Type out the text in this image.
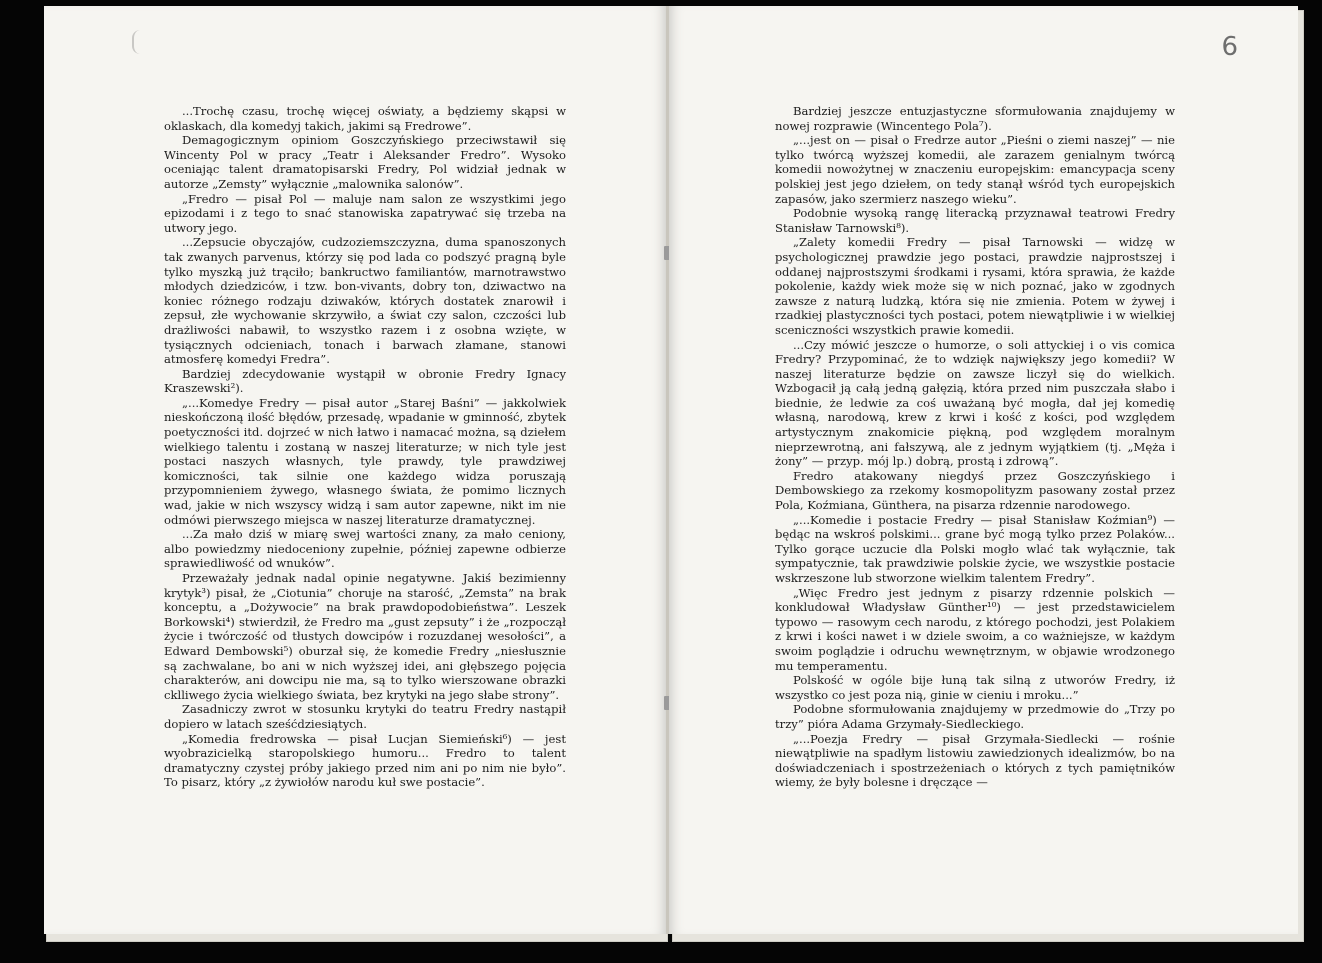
...Trochę czasu, trochę więcej oświaty, a będziemy skąpsi w oklaskach, dla komedyj takich, jakimi są Fredrowe”.

Demagogicznym opiniom Goszczyńskiego przeciwstawił się Wincenty Pol w pracy „Teatr i Aleksander Fredro”. Wysoko oceniając talent dramatopisarski Fredry, Pol widział jednak w autorze „Zemsty” wyłącznie „malownika salonów”.

„Fredro — pisał Pol — maluje nam salon ze wszystkimi jego epizodami i z tego to snać stanowiska zapatrywać się trzeba na utwory jego.

...Zepsucie obyczajów, cudzoziemszczyzna, duma spanoszonych tak zwanych parvenus, którzy się pod lada co podszyć pragną byle tylko myszką już trąciło; bankructwo familiantów, marnotrawstwo młodych dziedziców, i tzw. bon-vivants, dobry ton, dziwactwo na koniec różnego rodzaju dziwaków, których dostatek znarowił i zepsuł, złe wychowanie skrzywiło, a świat czy salon, czczości lub drażliwości nabawił, to wszystko razem i z osobna wzięte, w tysiącznych odcieniach, tonach i barwach złamane, stanowi atmosferę komedyi Fredra”.

Bardziej zdecydowanie wystąpił w obronie Fredry Ignacy Kraszewski²).

„...Komedye Fredry — pisał autor „Starej Baśni” — jakkolwiek nieskończoną ilość błędów, przesadę, wpadanie w gminność, zbytek poetyczności itd. dojrzeć w nich łatwo i namacać można, są dziełem wielkiego talentu i zostaną w naszej literaturze; w nich tyle jest postaci naszych własnych, tyle prawdy, tyle prawdziwej komiczności, tak silnie one każdego widza poruszają przypomnieniem żywego, własnego świata, że pomimo licznych wad, jakie w nich wszyscy widzą i sam autor zapewne, nikt im nie odmówi pierwszego miejsca w naszej literaturze dramatycznej.

...Za mało dziś w miarę swej wartości znany, za mało ceniony, albo powiedzmy niedoceniony zupełnie, później zapewne odbierze sprawiedliwość od wnuków”.

Przeważały jednak nadal opinie negatywne. Jakiś bezimienny krytyk³) pisał, że „Ciotunia” choruje na starość, „Zemsta” na brak konceptu, a „Dożywocie” na brak prawdopodobieństwa”. Leszek Borkowski⁴) stwierdził, że Fredro ma „gust zepsuty” i że „rozpoczął życie i twórczość od tłustych dowcipów i rozuzdanej wesołości”, a Edward Dembowski⁵) oburzał się, że komedie Fredry „niesłusznie są zachwalane, bo ani w nich wyższej idei, ani głębszego pojęcia charakterów, ani dowcipu nie ma, są to tylko wierszowane obrazki cklliwego życia wielkiego świata, bez krytyki na jego słabe strony”.

Zasadniczy zwrot w stosunku krytyki do teatru Fredry nastąpił dopiero w latach sześćdziesiątych.

„Komedia fredrowska — pisał Lucjan Siemieński⁶) — jest wyobrazicielką staropolskiego humoru... Fredro to talent dramatyczny czystej próby jakiego przed nim ani po nim nie było”. To pisarz, który „z żywiołów narodu kuł swe postacie”.

6

Bardziej jeszcze entuzjastyczne sformułowania znajdujemy w nowej rozprawie (Wincentego Pola⁷).

„...jest on — pisał o Fredrze autor „Pieśni o ziemi naszej” — nie tylko twórcą wyższej komedii, ale zarazem genialnym twórcą komedii nowożytnej w znaczeniu europejskim: emancypacja sceny polskiej jest jego dziełem, on tedy stanął wśród tych europejskich zapasów, jako szermierz naszego wieku”.

Podobnie wysoką rangę literacką przyznawał teatrowi Fredry Stanisław Tarnowski⁸).

„Zalety komedii Fredry — pisał Tarnowski — widzę w psychologicznej prawdzie jego postaci, prawdzie najprostszej i oddanej najprostszymi środkami i rysami, która sprawia, że każde pokolenie, każdy wiek może się w nich poznać, jako w zgodnych zawsze z naturą ludzką, która się nie zmienia. Potem w żywej i rzadkiej plastyczności tych postaci, potem niewątpliwie i w wielkiej sceniczności wszystkich prawie komedii.

...Czy mówić jeszcze o humorze, o soli attyckiej i o vis comica Fredry? Przypominać, że to wdzięk największy jego komedii? W naszej literaturze będzie on zawsze liczył się do wielkich. Wzbogacił ją całą jedną gałęzią, która przed nim puszczała słabo i biednie, że ledwie za coś uważaną być mogła, dał jej komedię własną, narodową, krew z krwi i kość z kości, pod względem artystycznym znakomicie piękną, pod względem moralnym nieprzewrotną, ani fałszywą, ale z jednym wyjątkiem (tj. „Męża i żony” — przyp. mój lp.) dobrą, prostą i zdrową”.

Fredro atakowany niegdyś przez Goszczyńskiego i Dembowskiego za rzekomy kosmopolityzm pasowany został przez Pola, Koźmiana, Günthera, na pisarza rdzennie narodowego.

„...Komedie i postacie Fredry — pisał Stanisław Koźmian⁹) — będąc na wskroś polskimi... grane być mogą tylko przez Polaków... Tylko gorące uczucie dla Polski mogło wlać tak wyłącznie, tak sympatycznie, tak prawdziwie polskie życie, we wszystkie postacie wskrzeszone lub stworzone wielkim talentem Fredry”.

„Więc Fredro jest jednym z pisarzy rdzennie polskich — konkludował Władysław Günther¹⁰) — jest przedstawicielem typowo — rasowym cech narodu, z którego pochodzi, jest Polakiem z krwi i kości nawet i w dziele swoim, a co ważniejsze, w każdym swoim poglądzie i odruchu wewnętrznym, w objawie wrodzonego mu temperamentu.

Polskość w ogóle bije łuną tak silną z utworów Fredry, iż wszystko co jest poza nią, ginie w cieniu i mroku...”

Podobne sformułowania znajdujemy w przedmowie do „Trzy po trzy” pióra Adama Grzymały-Siedleckiego.

„...Poezja Fredry — pisał Grzymała-Siedlecki — rośnie niewątpliwie na spadłym listowiu zawiedzionych idealizmów, bo na doświadczeniach i spostrzeżeniach o których z tych pamiętników wiemy, że były bolesne i dręczące —
